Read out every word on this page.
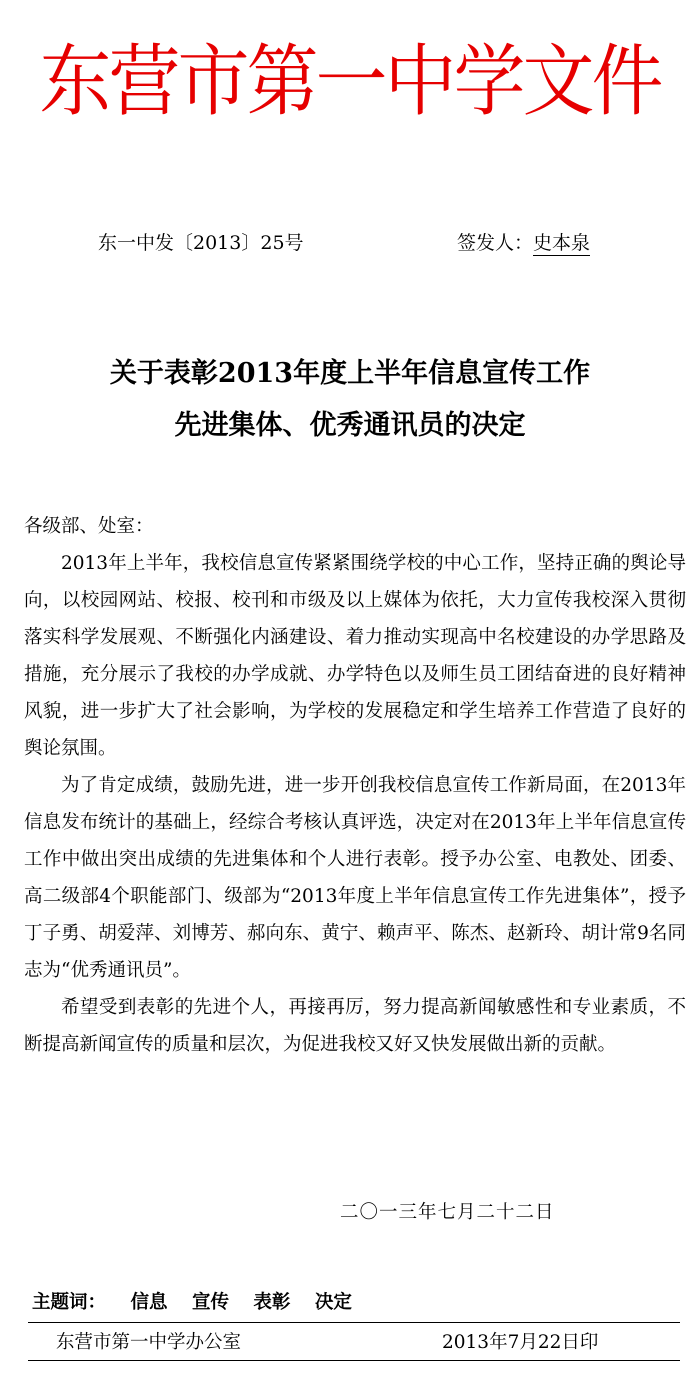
东营市第一中学文件
东一中发〔2013〕25号	签发人：史本泉
关于表彰2013年度上半年信息宣传工作
先进集体、优秀通讯员的决定

各级部、处室：

2013年上半年，我校信息宣传紧紧围绕学校的中心工作，坚持正确的舆论导向，以校园网站、校报、校刊和市级及以上媒体为依托，大力宣传我校深入贯彻落实科学发展观、不断强化内涵建设、着力推动实现高中名校建设的办学思路及措施，充分展示了我校的办学成就、办学特色以及师生员工团结奋进的良好精神风貌，进一步扩大了社会影响，为学校的发展稳定和学生培养工作营造了良好的舆论氛围。

为了肯定成绩，鼓励先进，进一步开创我校信息宣传工作新局面，在2013年信息发布统计的基础上，经综合考核认真评选，决定对在2013年上半年信息宣传工作中做出突出成绩的先进集体和个人进行表彰。授予办公室、电教处、团委、高二级部4个职能部门、级部为“2013年度上半年信息宣传工作先进集体”，授予丁子勇、胡爱萍、刘博芳、郝向东、黄宁、赖声平、陈杰、赵新玲、胡计常9名同志为“优秀通讯员”。

希望受到表彰的先进个人，再接再厉，努力提高新闻敏感性和专业素质，不断提高新闻宣传的质量和层次，为促进我校又好又快发展做出新的贡献。

二〇一三年七月二十二日
主题词： 信息 宣传 表彰 决定
东营市第一中学办公室	2013年7月22日印
